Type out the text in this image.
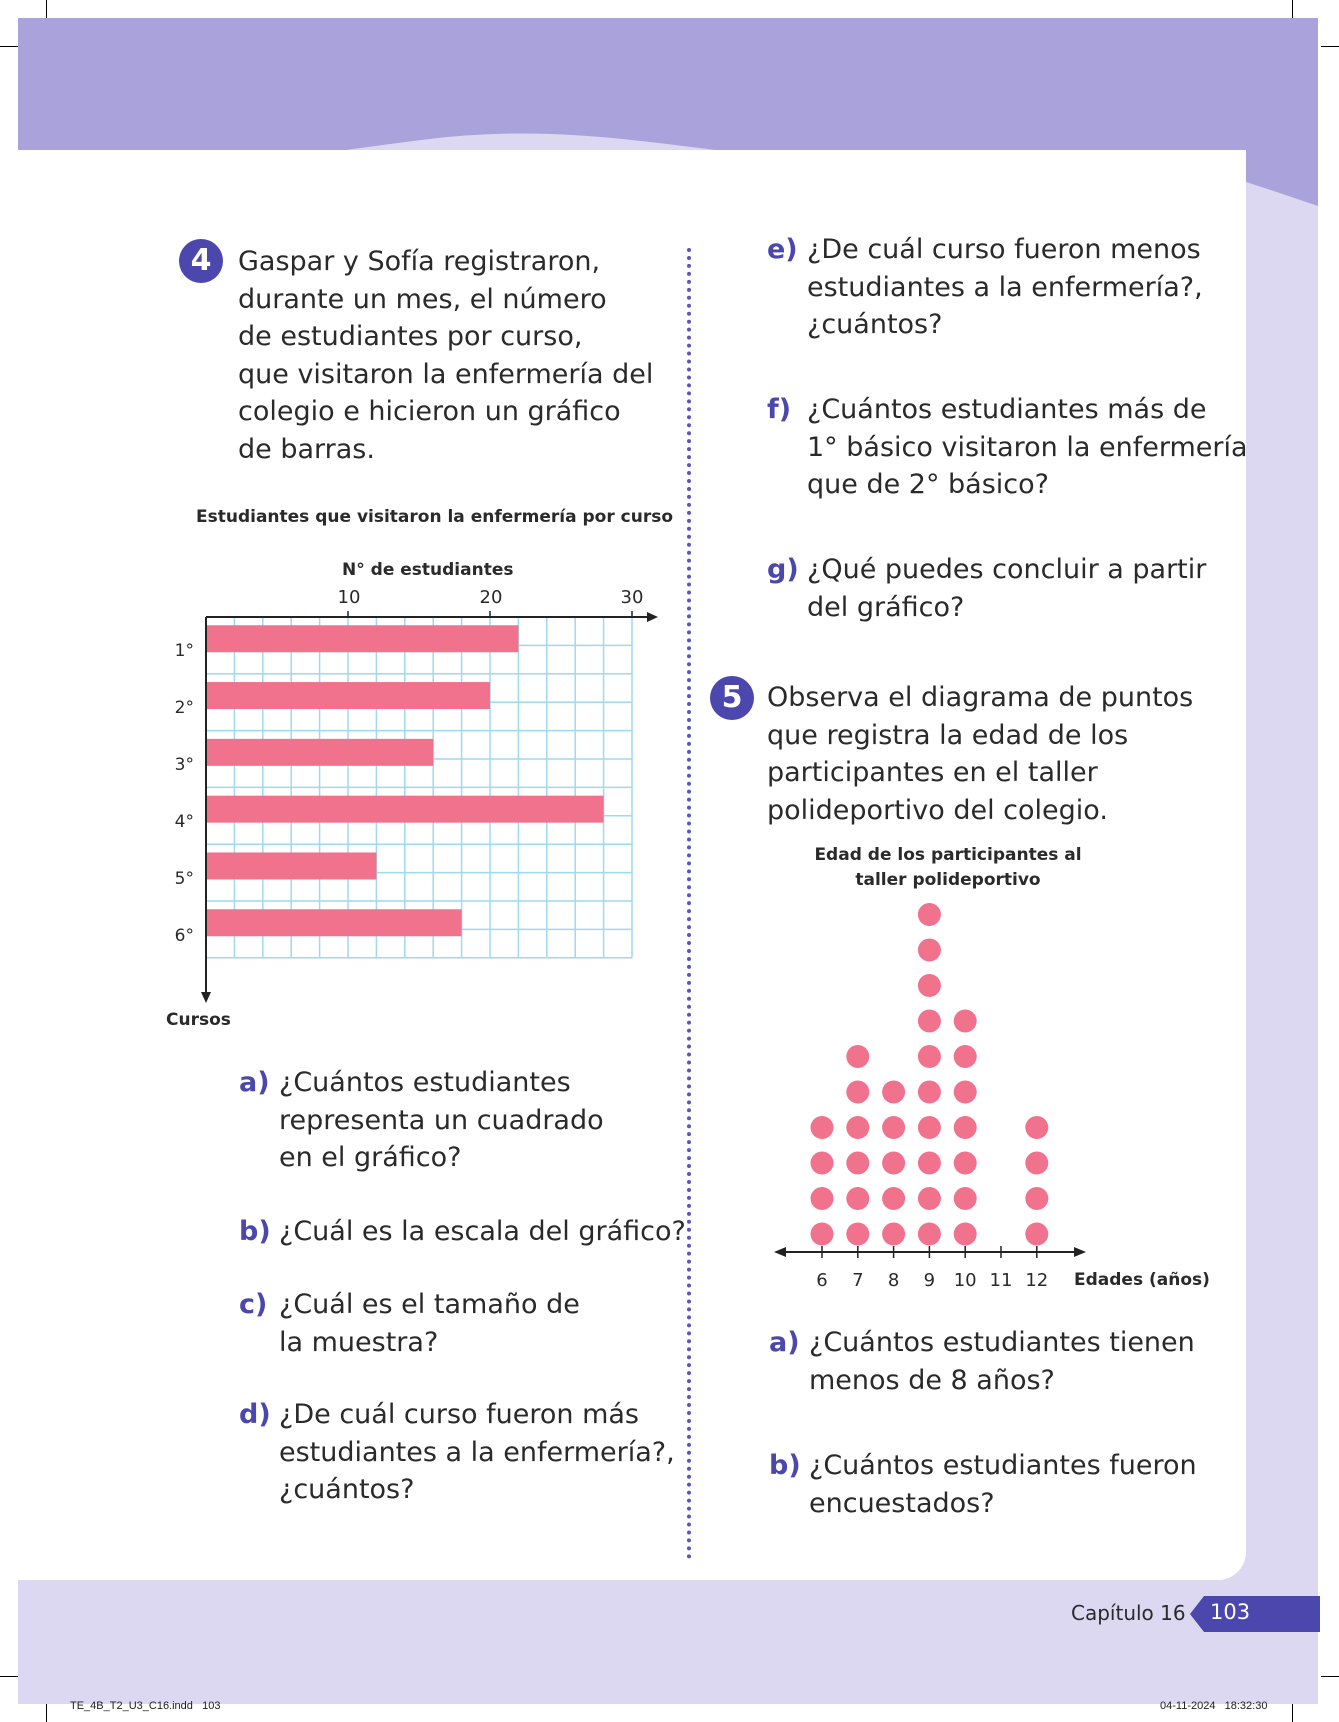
4 Gaspar y Sofía registraron,
durante un mes, el número
de estudiantes por curso,
que visitaron la enfermería del
colegio e hicieron un gráfico
de barras.
Estudiantes que visitaron la enfermería por curso
N° de estudiantes
10	20	30
1°
2°
3°
4°
5°
6°
Cursos
a) ¿Cuántos estudiantes
representa un cuadrado
en el gráfico?
b) ¿Cuál es la escala del gráfico?
c) ¿Cuál es el tamaño de
la muestra?
d) ¿De cuál curso fueron más
estudiantes a la enfermería?,
¿cuántos?
e) ¿De cuál curso fueron menos
estudiantes a la enfermería?,
¿cuántos?
f) ¿Cuántos estudiantes más de
1° básico visitaron la enfermería
que de 2° básico?
g) ¿Qué puedes concluir a partir
del gráfico?
5 Observa el diagrama de puntos
que registra la edad de los
participantes en el taller
polideportivo del colegio.
Edad de los participantes al
taller polideportivo
6 7 8 9 10 11 12 Edades (años)
a) ¿Cuántos estudiantes tienen
menos de 8 años?
b) ¿Cuántos estudiantes fueron
encuestados?
Capítulo 16 103
TE_4B_T2_U3_C16.indd   103	04-11-2024   18:32:30
